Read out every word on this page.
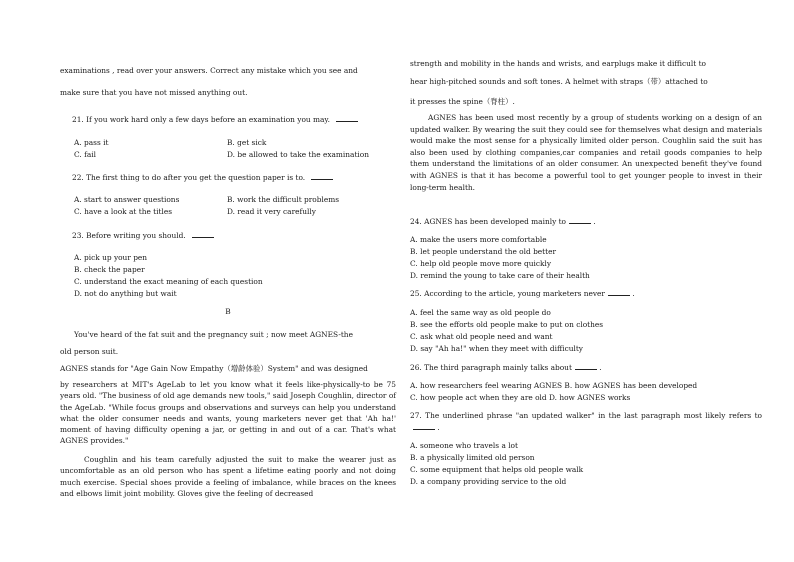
examinations , read over your answers. Correct any mistake which you see and
make sure that you have not missed anything out.
21. If you work hard only a few days before an examination you may.
A. pass it	B. get sick
C. fail	D. be allowed to take the examination
22. The first thing to do after you get the question paper is to.
A. start to answer questions	B. work the difficult problems
C. have a look at the titles	D. read it very carefully
23. Before writing you should.
A. pick up your pen
B. check the paper
C. understand the exact meaning of each question
D. not do anything but wait
B
You've heard of the fat suit and the pregnancy suit ; now meet AGNES-the
old person suit.
AGNES stands for "Age Gain Now Empathy（增龄体验）System" and was designed
by researchers at MIT's AgeLab to let you know what it feels like-physically-to be 75 years old. "The business of old age demands new tools," said Joseph Coughlin, director of the AgeLab. "While focus groups and observations and surveys can help you understand what the older consumer needs and wants, young marketers never get that 'Ah ha!' moment of having difficulty opening a jar, or getting in and out of a car. That's what AGNES provides."
Coughlin and his team carefully adjusted the suit to make the wearer just as uncomfortable as an old person who has spent a lifetime eating poorly and not doing much exercise. Special shoes provide a feeling of imbalance, while braces on the knees and elbows limit joint mobility. Gloves give the feeling of decreased
strength and mobility in the hands and wrists, and earplugs make it difficult to
hear high-pitched sounds and soft tones. A helmet with straps（带）attached to
it presses the spine（脊柱）.
AGNES has been used most recently by a group of students working on a design of an updated walker. By wearing the suit they could see for themselves what design and materials would make the most sense for a physically limited older person. Coughlin said the suit has also been used by clothing companies,car companies and retail goods companies to help them understand the limitations of an older consumer. An unexpected benefit they've found with AGNES is that it has become a powerful tool to get younger people to invest in their long-term health.
24. AGNES has been developed mainly to	.
A. make the users more comfortable
B. let people understand the old better
C. help old people move more quickly
D. remind the young to take care of their health
25. According to the article, young marketers never	.
A. feel the same way as old people do
B. see the efforts old people make to put on clothes
C. ask what old people need and want
D. say "Ah ha!" when they meet with difficulty
26. The third paragraph mainly talks about	.
A. how researchers feel wearing AGNES B. how AGNES has been developed
C. how people act when they are old D. how AGNES works
27. The underlined phrase "an updated walker" in the last paragraph most likely refers to .
A. someone who travels a lot
B. a physically limited old person
C. some equipment that helps old people walk
D. a company providing service to the old
